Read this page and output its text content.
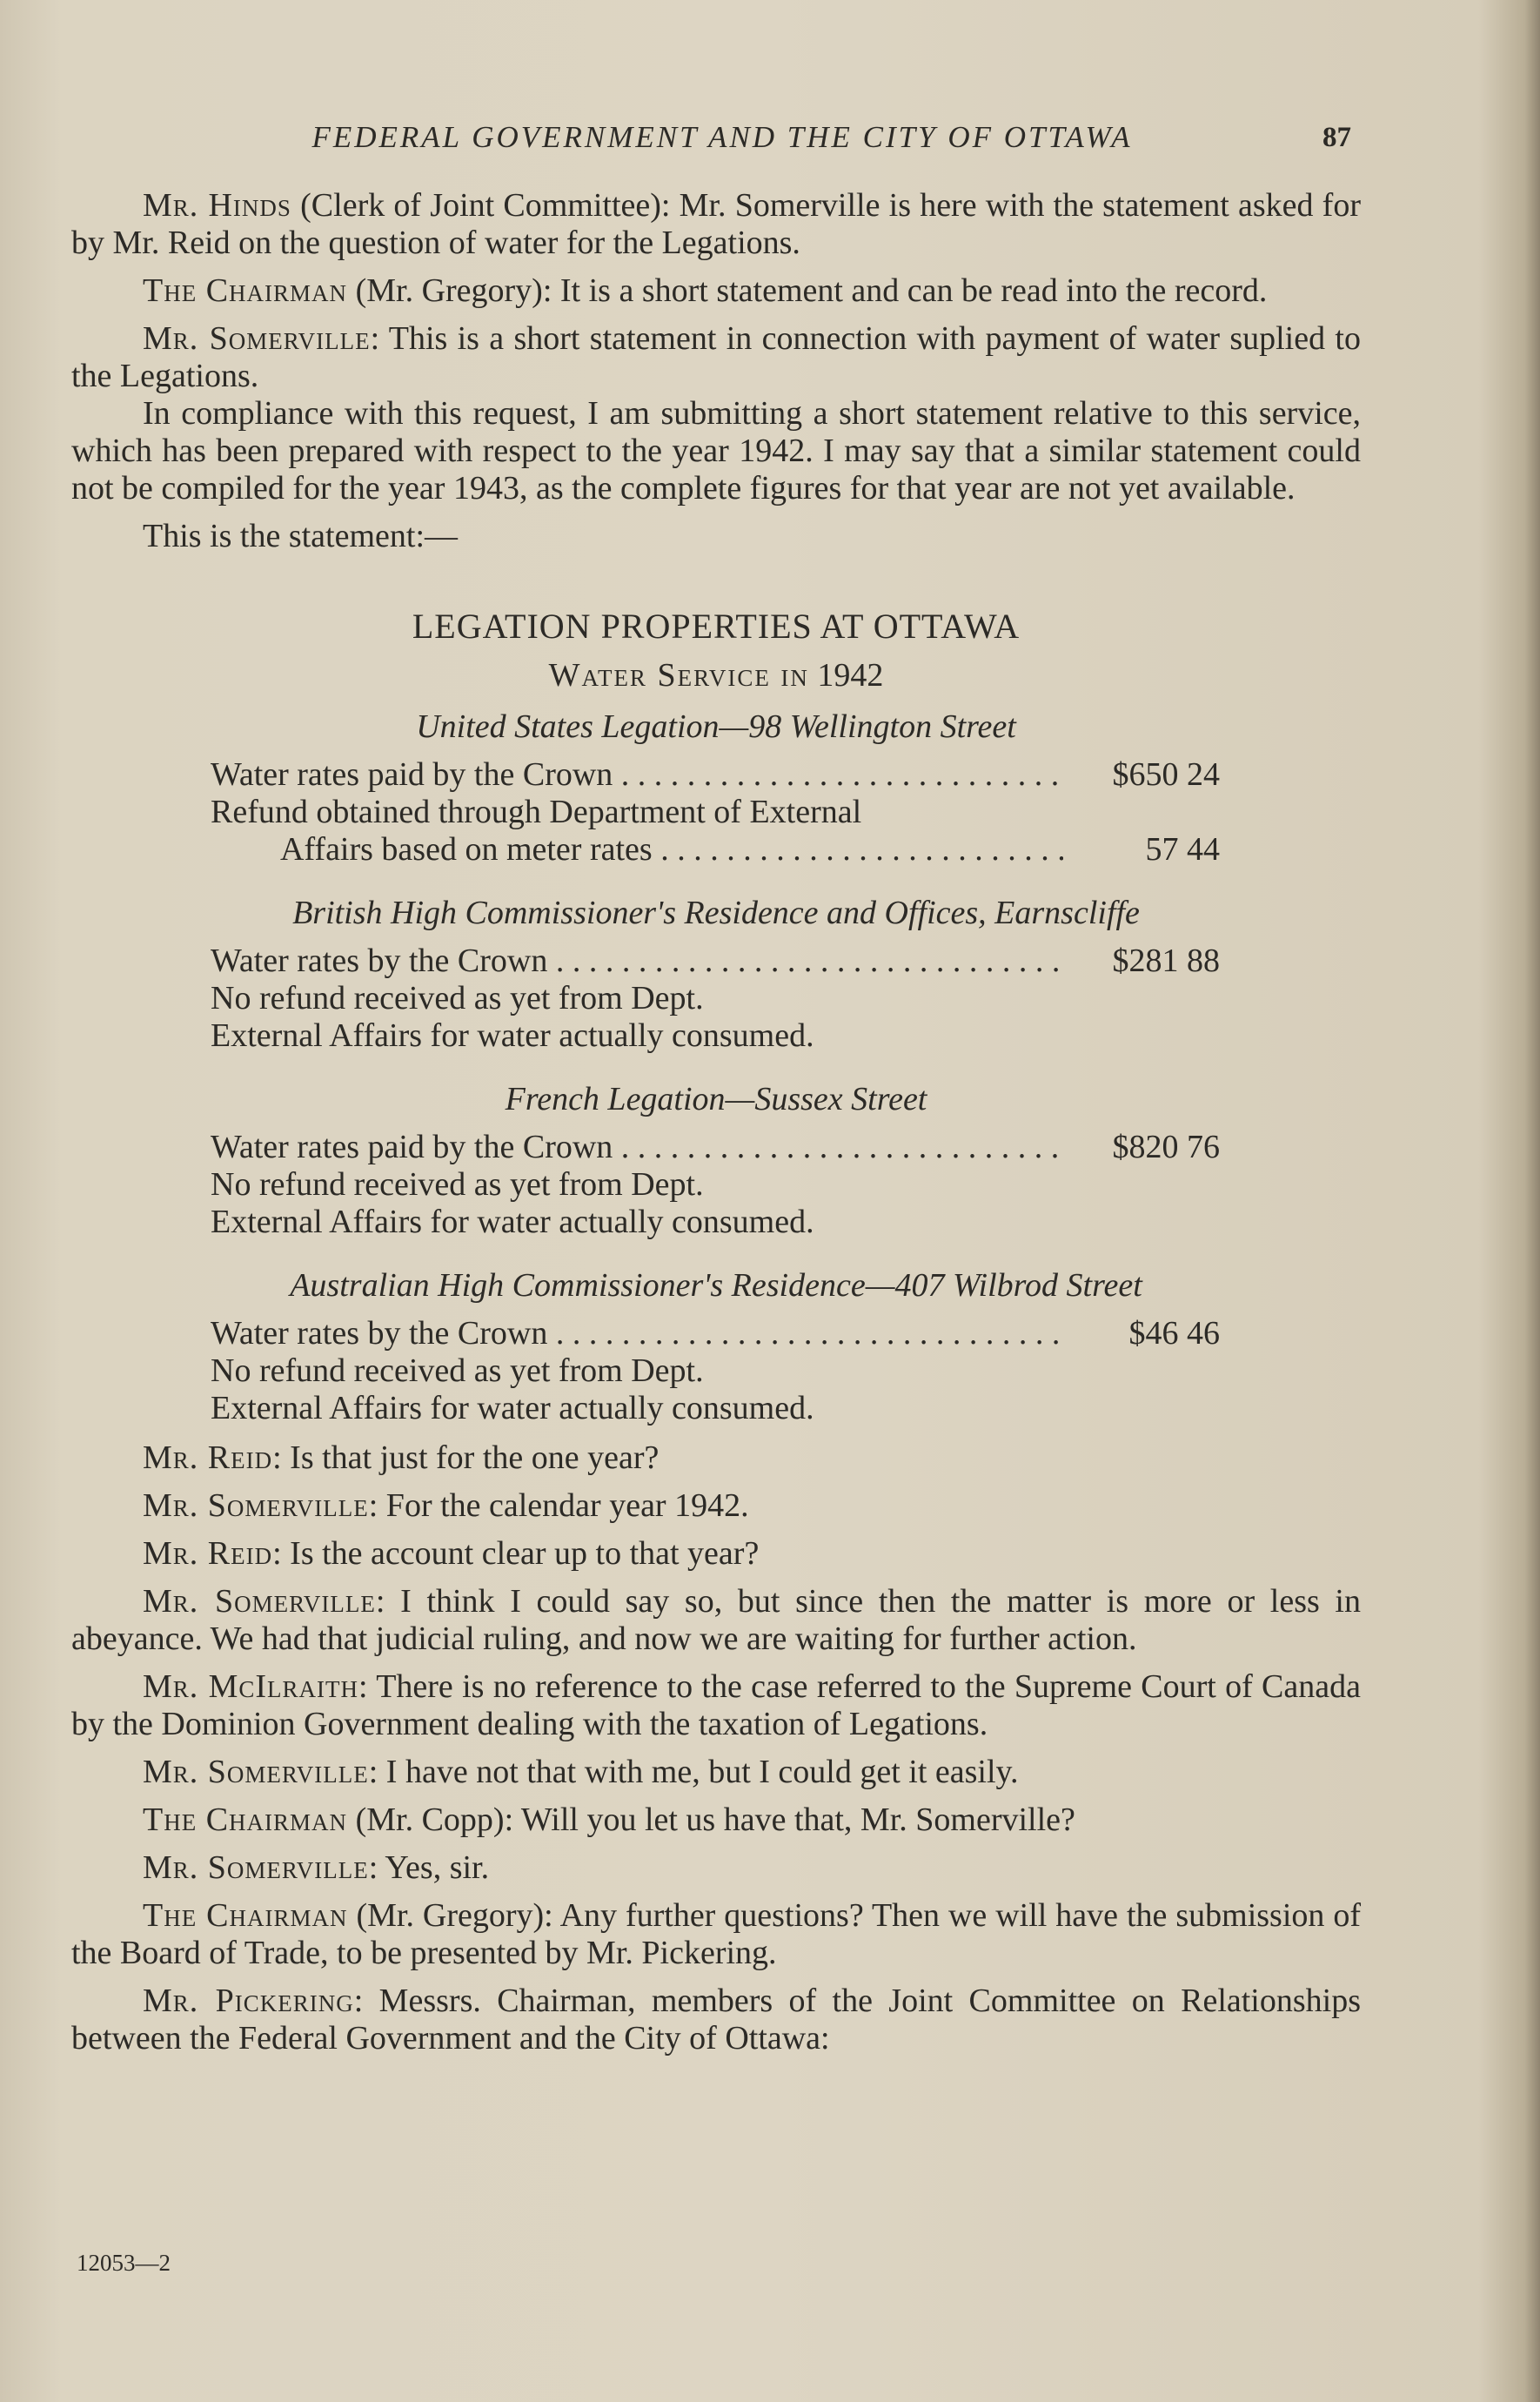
FEDERAL GOVERNMENT AND THE CITY OF OTTAWA	87

Mr. Hinds (Clerk of Joint Committee): Mr. Somerville is here with the statement asked for by Mr. Reid on the question of water for the Legations.

The Chairman (Mr. Gregory): It is a short statement and can be read into the record.

Mr. Somerville: This is a short statement in connection with payment of water suplied to the Legations.

In compliance with this request, I am submitting a short statement relative to this service, which has been prepared with respect to the year 1942. I may say that a similar statement could not be compiled for the year 1943, as the complete figures for that year are not yet available.

This is the statement:—

LEGATION PROPERTIES AT OTTAWA
Water Service in 1942
United States Legation—98 Wellington Street
Water rates paid by the Crown . . .	$650 24
Refund obtained through Department of External
Affairs based on meter rates . . .	57 44
British High Commissioner's Residence and Offices, Earnscliffe
Water rates by the Crown . . .	$281 88
No refund received as yet from Dept.
External Affairs for water actually consumed.
French Legation—Sussex Street
Water rates paid by the Crown . . .	$820 76
No refund received as yet from Dept.
External Affairs for water actually consumed.
Australian High Commissioner's Residence—407 Wilbrod Street
Water rates by the Crown . . .	$46 46
No refund received as yet from Dept.
External Affairs for water actually consumed.

Mr. Reid: Is that just for the one year?

Mr. Somerville: For the calendar year 1942.

Mr. Reid: Is the account clear up to that year?

Mr. Somerville: I think I could say so, but since then the matter is more or less in abeyance. We had that judicial ruling, and now we are waiting for further action.

Mr. McIlraith: There is no reference to the case referred to the Supreme Court of Canada by the Dominion Government dealing with the taxation of Legations.

Mr. Somerville: I have not that with me, but I could get it easily.

The Chairman (Mr. Copp): Will you let us have that, Mr. Somerville?

Mr. Somerville: Yes, sir.

The Chairman (Mr. Gregory): Any further questions? Then we will have the submission of the Board of Trade, to be presented by Mr. Pickering.

Mr. Pickering: Messrs. Chairman, members of the Joint Committee on Relationships between the Federal Government and the City of Ottawa:

12053—2
